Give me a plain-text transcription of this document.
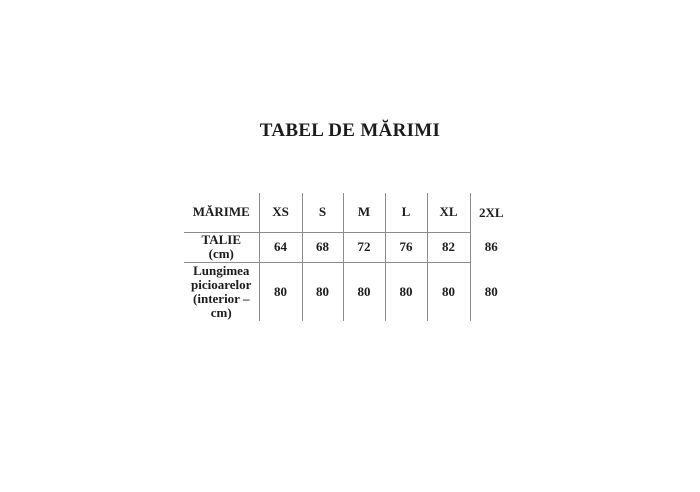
TABEL DE MĂRIMI
MĂRIME	XS	S	M	L	XL	2XL

TALIE
(cm)	64	68	72	76	82	86

Lungimea
picioarelor
(interior –
cm)	80	80	80	80	80	80
